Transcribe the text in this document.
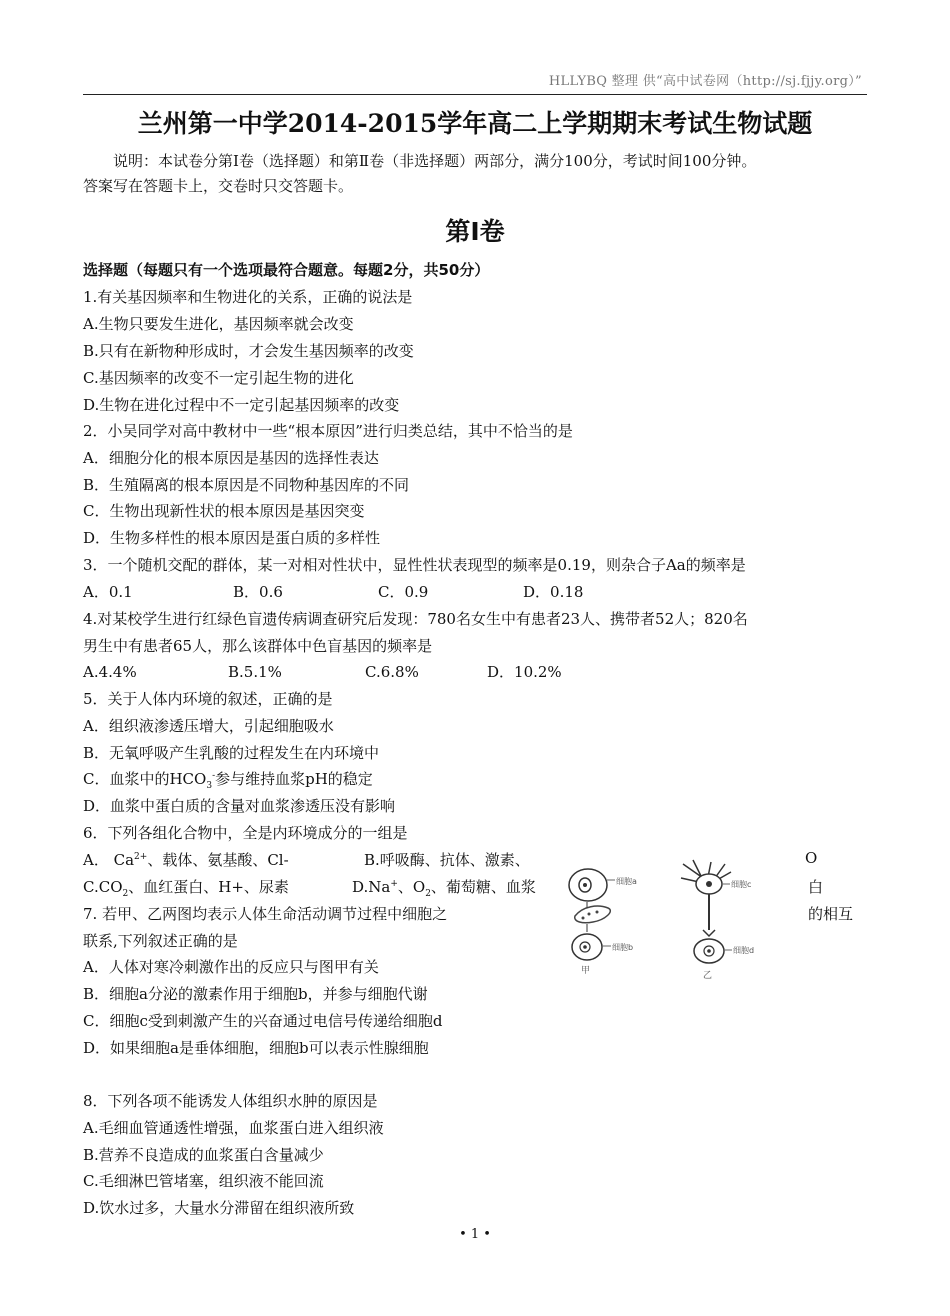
HLLYBQ 整理 供“高中试卷网（http://sj.fjjy.org）”
兰州第一中学2014-2015学年高二上学期期末考试生物试题
说明：本试卷分第Ⅰ卷（选择题）和第Ⅱ卷（非选择题）两部分，满分100分，考试时间100分钟。
答案写在答题卡上，交卷时只交答题卡。
第Ⅰ卷
选择题（每题只有一个选项最符合题意。每题2分，共50分）
1.有关基因频率和生物进化的关系，正确的说法是
A.生物只要发生进化，基因频率就会改变
B.只有在新物种形成时，才会发生基因频率的改变
C.基因频率的改变不一定引起生物的进化
D.生物在进化过程中不一定引起基因频率的改变
2．小吴同学对高中教材中一些“根本原因”进行归类总结，其中不恰当的是
A．细胞分化的根本原因是基因的选择性表达
B．生殖隔离的根本原因是不同物种基因库的不同
C．生物出现新性状的根本原因是基因突变
D．生物多样性的根本原因是蛋白质的多样性
3．一个随机交配的群体，某一对相对性状中，显性性状表现型的频率是0.19，则杂合子Aa的频率是
A．0.1	B．0.6	C．0.9	D．0.18
4.对某校学生进行红绿色盲遗传病调查研究后发现：780名女生中有患者23人、携带者52人；820名
男生中有患者65人，那么该群体中色盲基因的频率是
A.4.4%	B.5.1%	C.6.8%	D．10.2%
5．关于人体内环境的叙述，正确的是
A．组织液渗透压增大，引起细胞吸水
B．无氧呼吸产生乳酸的过程发生在内环境中
C．血浆中的$HCO_3^-$参与维持血浆pH的稳定
D．血浆中蛋白质的含量对血浆渗透压没有影响
6．下列各组化合物中，全是内环境成分的一组是
A． $Ca^{2+}$、载体、氨基酸、Cl-	B.呼吸酶、抗体、激素、	O
$C.CO_2$、血红蛋白、H+、尿素	D.Na+、$O_2$、葡萄糖、血浆	白
7. 若甲、乙两图均表示人体生命活动调节过程中细胞之	的相互
联系,下列叙述正确的是
A．人体对寒冷刺激作出的反应只与图甲有关
B．细胞a分泌的激素作用于细胞b，并参与细胞代谢
C．细胞c受到刺激产生的兴奋通过电信号传递给细胞d
D．如果细胞a是垂体细胞，细胞b可以表示性腺细胞
细胞a
细胞b
甲
细胞c
细胞d
乙
8．下列各项不能诱发人体组织水肿的原因是
A.毛细血管通透性增强，血浆蛋白进入组织液
B.营养不良造成的血浆蛋白含量减少
C.毛细淋巴管堵塞，组织液不能回流
D.饮水过多，大量水分滞留在组织液所致
• 1 •
